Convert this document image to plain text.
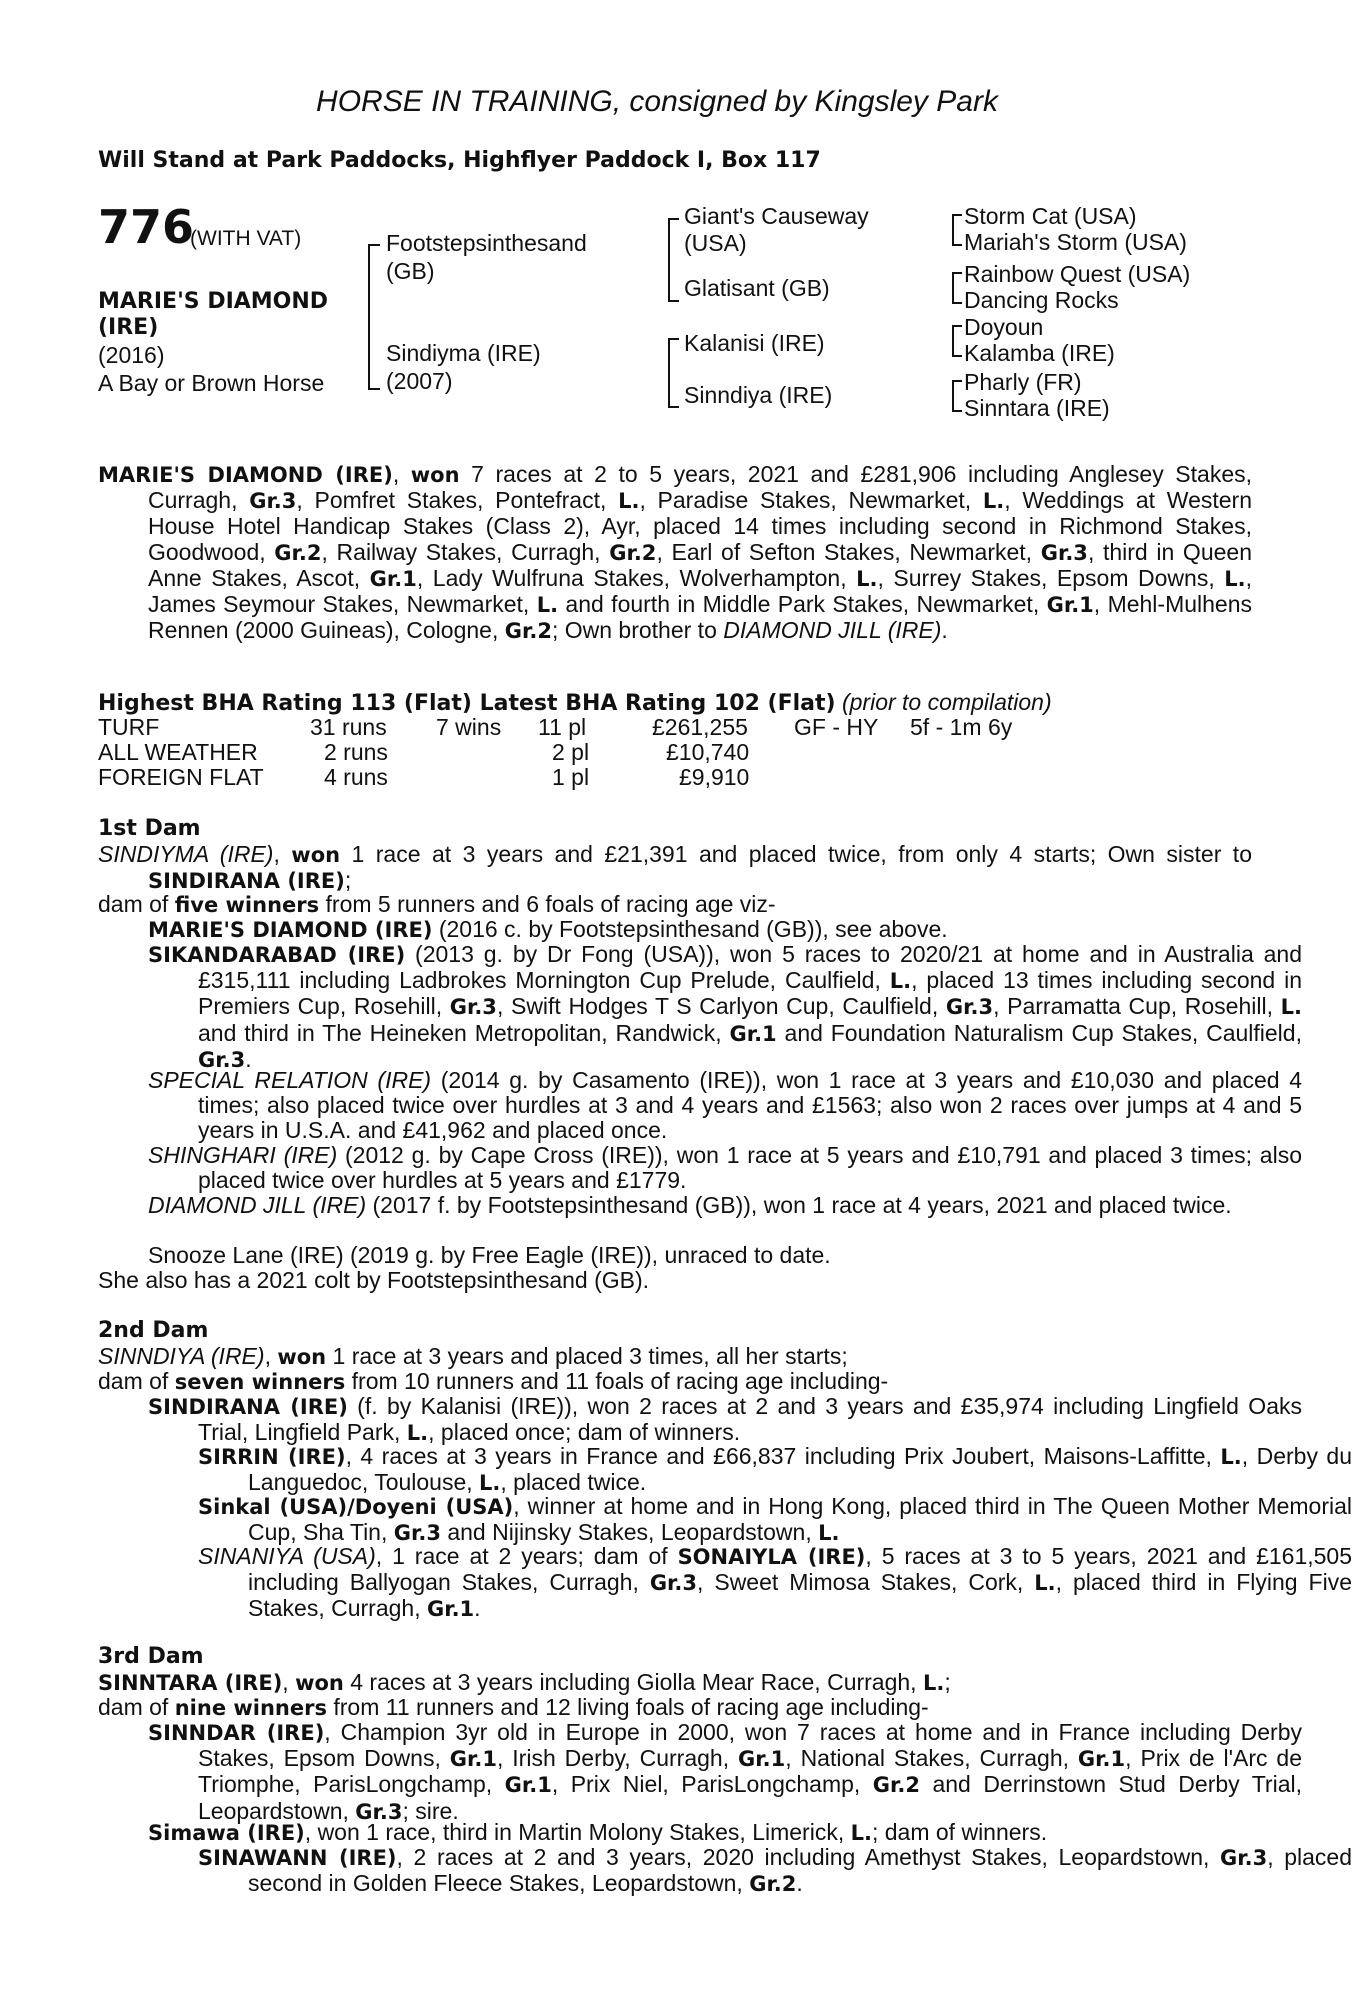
HORSE IN TRAINING, consigned by Kingsley Park
Will Stand at Park Paddocks, Highflyer Paddock I, Box 117
776
(WITH VAT)
MARIE'S DIAMOND
(IRE)
(2016)
A Bay or Brown Horse
Footstepsinthesand
(GB)
Sindiyma (IRE)
(2007)
Giant's Causeway
(USA)
Glatisant (GB)
Kalanisi (IRE)
Sinndiya (IRE)
Storm Cat (USA)
Mariah's Storm (USA)
Rainbow Quest (USA)
Dancing Rocks
Doyoun
Kalamba (IRE)
Pharly (FR)
Sinntara (IRE)
MARIE'S DIAMOND (IRE), won 7 races at 2 to 5 years, 2021 and £281,906 including Anglesey Stakes, Curragh, Gr.3, Pomfret Stakes, Pontefract, L., Paradise Stakes, Newmarket, L., Weddings at Western House Hotel Handicap Stakes (Class 2), Ayr, placed 14 times including second in Richmond Stakes, Goodwood, Gr.2, Railway Stakes, Curragh, Gr.2, Earl of Sefton Stakes, Newmarket, Gr.3, third in Queen Anne Stakes, Ascot, Gr.1, Lady Wulfruna Stakes, Wolverhampton, L., Surrey Stakes, Epsom Downs, L., James Seymour Stakes, Newmarket, L. and fourth in Middle Park Stakes, Newmarket, Gr.1, Mehl-Mulhens Rennen (2000 Guineas), Cologne, Gr.2; Own brother to DIAMOND JILL (IRE).
Highest BHA Rating 113 (Flat) Latest BHA Rating 102 (Flat) (prior to compilation)
TURF	31 runs 7 wins 11 pl	£261,255 GF - HY 5f - 1m 6y
ALL WEATHER	2 runs	2 pl	£10,740
FOREIGN FLAT	4 runs	1 pl	£9,910
1st Dam
SINDIYMA (IRE), won 1 race at 3 years and £21,391 and placed twice, from only 4 starts; Own sister to SINDIRANA (IRE);
dam of five winners from 5 runners and 6 foals of racing age viz-
MARIE'S DIAMOND (IRE) (2016 c. by Footstepsinthesand (GB)), see above.
SIKANDARABAD (IRE) (2013 g. by Dr Fong (USA)), won 5 races to 2020/21 at home and in Australia and £315,111 including Ladbrokes Mornington Cup Prelude, Caulfield, L., placed 13 times including second in Premiers Cup, Rosehill, Gr.3, Swift Hodges T S Carlyon Cup, Caulfield, Gr.3, Parramatta Cup, Rosehill, L. and third in The Heineken Metropolitan, Randwick, Gr.1 and Foundation Naturalism Cup Stakes, Caulfield, Gr.3.
SPECIAL RELATION (IRE) (2014 g. by Casamento (IRE)), won 1 race at 3 years and £10,030 and placed 4 times; also placed twice over hurdles at 3 and 4 years and £1563; also won 2 races over jumps at 4 and 5 years in U.S.A. and £41,962 and placed once.
SHINGHARI (IRE) (2012 g. by Cape Cross (IRE)), won 1 race at 5 years and £10,791 and placed 3 times; also placed twice over hurdles at 5 years and £1779.
DIAMOND JILL (IRE) (2017 f. by Footstepsinthesand (GB)), won 1 race at 4 years, 2021 and placed twice.
Snooze Lane (IRE) (2019 g. by Free Eagle (IRE)), unraced to date.
She also has a 2021 colt by Footstepsinthesand (GB).
2nd Dam
SINNDIYA (IRE), won 1 race at 3 years and placed 3 times, all her starts;
dam of seven winners from 10 runners and 11 foals of racing age including-
SINDIRANA (IRE) (f. by Kalanisi (IRE)), won 2 races at 2 and 3 years and £35,974 including Lingfield Oaks Trial, Lingfield Park, L., placed once; dam of winners.
SIRRIN (IRE), 4 races at 3 years in France and £66,837 including Prix Joubert, Maisons-Laffitte, L., Derby du Languedoc, Toulouse, L., placed twice.
Sinkal (USA)/Doyeni (USA), winner at home and in Hong Kong, placed third in The Queen Mother Memorial Cup, Sha Tin, Gr.3 and Nijinsky Stakes, Leopardstown, L.
SINANIYA (USA), 1 race at 2 years; dam of SONAIYLA (IRE), 5 races at 3 to 5 years, 2021 and £161,505 including Ballyogan Stakes, Curragh, Gr.3, Sweet Mimosa Stakes, Cork, L., placed third in Flying Five Stakes, Curragh, Gr.1.
3rd Dam
SINNTARA (IRE), won 4 races at 3 years including Giolla Mear Race, Curragh, L.;
dam of nine winners from 11 runners and 12 living foals of racing age including-
SINNDAR (IRE), Champion 3yr old in Europe in 2000, won 7 races at home and in France including Derby Stakes, Epsom Downs, Gr.1, Irish Derby, Curragh, Gr.1, National Stakes, Curragh, Gr.1, Prix de l'Arc de Triomphe, ParisLongchamp, Gr.1, Prix Niel, ParisLongchamp, Gr.2 and Derrinstown Stud Derby Trial, Leopardstown, Gr.3; sire.
Simawa (IRE), won 1 race, third in Martin Molony Stakes, Limerick, L.; dam of winners.
SINAWANN (IRE), 2 races at 2 and 3 years, 2020 including Amethyst Stakes, Leopardstown, Gr.3, placed second in Golden Fleece Stakes, Leopardstown, Gr.2.
